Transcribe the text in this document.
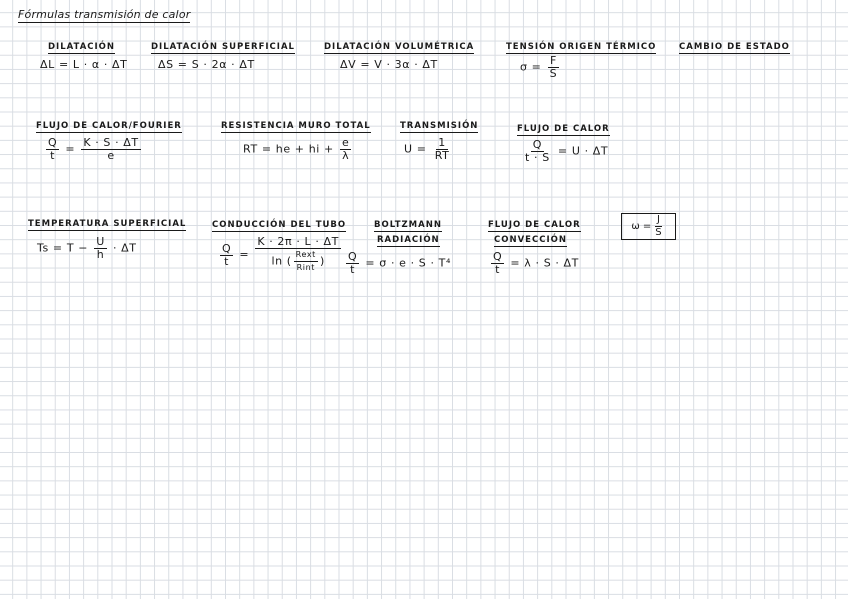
Fórmulas transmisión de calor
DILATACIÓN
ΔL = L · α · ΔT
DILATACIÓN SUPERFICIAL
ΔS = S · 2α · ΔT
DILATACIÓN VOLUMÉTRICA
ΔV = V · 3α · ΔT
TENSIÓN ORIGEN TÉRMICO
$\sigma = \frac{F}{S}$
CAMBIO DE ESTADO
FLUJO DE CALOR/FOURIER
$\frac{Q}{t} = \frac{K \cdot S \cdot \Delta T}{e}$
RESISTENCIA MURO TOTAL
RT = he + hi + $\frac{e}{\lambda}$
TRANSMISIÓN
$U = \frac{1}{RT}$
FLUJO DE CALOR
$\frac{Q}{t \cdot S} = U \cdot \Delta T$
TEMPERATURA SUPERFICIAL
$Ts = T - \frac{U}{h} \cdot \Delta T$
CONDUCCIÓN DEL TUBO
$\frac{Q}{t} = \frac{K \cdot 2\pi \cdot L \cdot \Delta T}{\ln ( \frac{\text{Rext}}{\text{Rint}} )}$
BOLTZMANN
RADIACIÓN
$\frac{Q}{t} = \sigma \cdot e \cdot S \cdot T^4$
FLUJO DE CALOR
CONVECCIÓN
$\frac{Q}{t} = \lambda \cdot S \cdot \Delta T$
$\omega = \frac{J}{S}$
